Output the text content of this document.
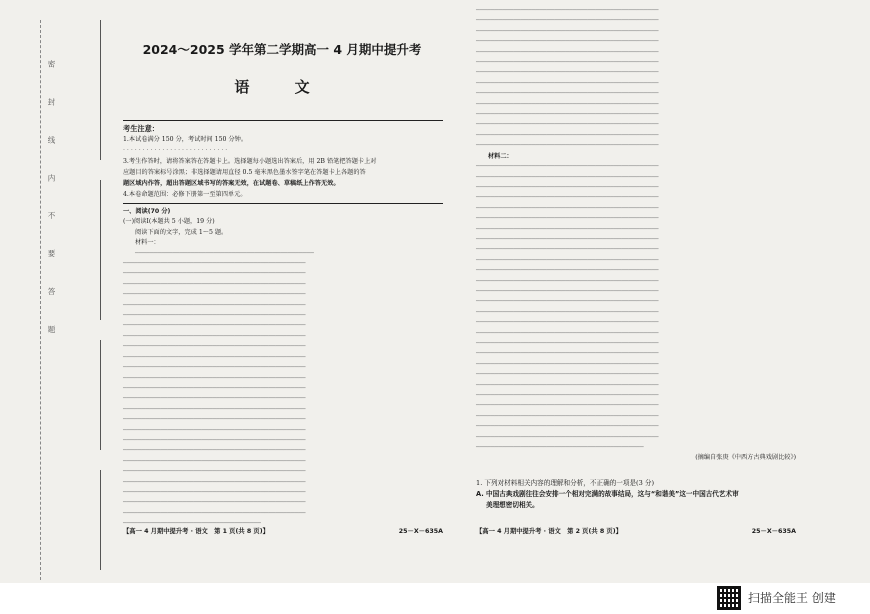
密 封 线 内 不 要 答 题
2024～2025 学年第二学期高一 4 月期中提升考
语 文
考生注意：
1.本试卷满分 150 分，考试时间 150 分钟。
· · · · · · · · · · · · · · · · · · · · · · · · · · ·
3.考生作答时，请将答案答在答题卡上。选择题每小题选出答案后，用 2B 铅笔把答题卡上对
应题目的答案标号涂黑；非选择题请用直径 0.5 毫米黑色墨水签字笔在答题卡上各题的答
题区域内作答，超出答题区域书写的答案无效，在试题卷、草稿纸上作答无效。
4.本卷命题范围：必修下册第一至第四单元。
一、阅读(70 分)
(一)阅读Ⅰ(本题共 5 小题，19 分)
阅读下面的文字，完成 1～5 题。
材料一：
────────────────────────────────────────────────
─────────────────────────────────────────────────
─────────────────────────────────────────────────
─────────────────────────────────────────────────
─────────────────────────────────────────────────
─────────────────────────────────────────────────
─────────────────────────────────────────────────
─────────────────────────────────────────────────
─────────────────────────────────────────────────
─────────────────────────────────────────────────
─────────────────────────────────────────────────
─────────────────────────────────────────────────
─────────────────────────────────────────────────
─────────────────────────────────────────────────
─────────────────────────────────────────────────
─────────────────────────────────────────────────
─────────────────────────────────────────────────
─────────────────────────────────────────────────
─────────────────────────────────────────────────
─────────────────────────────────────────────────
─────────────────────────────────────────────────
─────────────────────────────────────────────────
─────────────────────────────────────────────────
─────────────────────────────────────────────────
─────────────────────────────────────────────────
─────────────────────────────────────────────────
─────────────────────────────────────
【高一 4 月期中提升考 · 语文　第 1 页(共 8 页)】	25－X－635A
─────────────────────────────────────────────────
─────────────────────────────────────────────────
─────────────────────────────────────────────────
─────────────────────────────────────────────────
─────────────────────────────────────────────────
─────────────────────────────────────────────────
─────────────────────────────────────────────────
─────────────────────────────────────────────────
─────────────────────────────────────────────────
─────────────────────────────────────────────────
─────────────────────────────────────────────────
─────────────────────────────────────────────────
─────────────────────────────────────────────────
─────────────────────────────────────────────────
材料二：
─────────────────────────────────────────────────
─────────────────────────────────────────────────
─────────────────────────────────────────────────
─────────────────────────────────────────────────
─────────────────────────────────────────────────
─────────────────────────────────────────────────
─────────────────────────────────────────────────
─────────────────────────────────────────────────
─────────────────────────────────────────────────
─────────────────────────────────────────────────
─────────────────────────────────────────────────
─────────────────────────────────────────────────
─────────────────────────────────────────────────
─────────────────────────────────────────────────
─────────────────────────────────────────────────
─────────────────────────────────────────────────
─────────────────────────────────────────────────
─────────────────────────────────────────────────
─────────────────────────────────────────────────
─────────────────────────────────────────────────
─────────────────────────────────────────────────
─────────────────────────────────────────────────
─────────────────────────────────────────────────
─────────────────────────────────────────────────
─────────────────────────────────────────────────
─────────────────────────────────────────────────
─────────────────────────────────────────────────
─────────────────────────────────────────────
(摘编自张庚《中西方古典戏剧比较》)
1. 下列对材料相关内容的理解和分析，不正确的一项是(3 分)
A. 中国古典戏剧往往会安排一个相对完满的故事结局，这与“和谐美”这一中国古代艺术审
美理想密切相关。
【高一 4 月期中提升考 · 语文　第 2 页(共 8 页)】	25－X－635A
扫描全能王 创建
